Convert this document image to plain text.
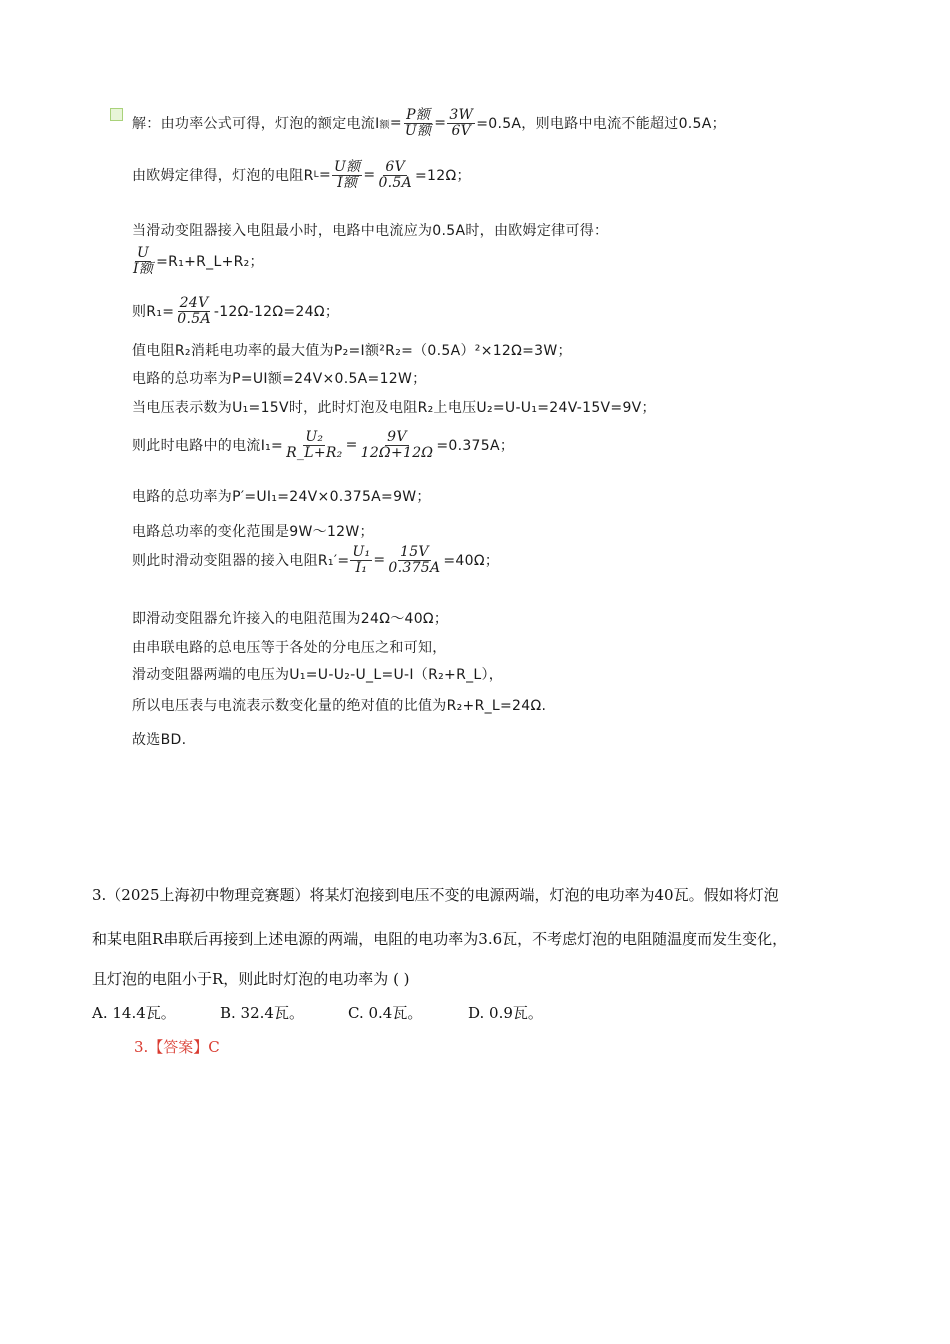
解：由功率公式可得，灯泡的额定电流I 额 = $\frac{\text{P额}}{\text{U额}} = \frac{3W}{6V} =0.5A$，则电路中电流不能超过0.5A；
由欧姆定律得，灯泡的电阻R $L = \frac{\text{U额}}{\text{I额}} = \frac{6V}{0.5A} =12\Omega$；
当滑动变阻器接入电阻最小时，电路中电流应为0.5A时，由欧姆定律可得：
$\frac{U}{\text{I额}}$ =R₁+R_L+R₂；
则$R_1= \frac{24V}{0.5A} -12\Omega-12\Omega=24\Omega$；
值电阻R₂消耗电功率的最大值为P₂=I额²R₂=（0.5A）²×12Ω=3W；
电路的总功率为P=UI额=24V×0.5A=12W；
当电压表示数为U₁=15V时，此时灯泡及电阻R₂上电压U₂=U-U₁=24V-15V=9V；
则此时电路中的电流$I_1= \frac{\text{U₂}}{\text{R\_L+R₂}} = \frac{9V}{12\Omega+12\Omega} =0.375A$；
电路的总功率为P′=UI₁=24V×0.375A=9W；
电路总功率的变化范围是9W～12W；
则此时滑动变阻器的接入电阻$R_1'= \frac{\text{U₁}}{\text{I₁}} = \frac{15V}{0.375A} =40\Omega$；
即滑动变阻器允许接入的电阻范围为24Ω～40Ω；
由串联电路的总电压等于各处的分电压之和可知，
滑动变阻器两端的电压为U₁=U-U₂-U_L=U-I（R₂+R_L），
所以电压表与电流表示数变化量的绝对值的比值为R₂+R_L=24Ω.
故选BD.
3.（2025上海初中物理竞赛题）将某灯泡接到电压不变的电源两端，灯泡的电功率为40瓦。假如将灯泡
和某电阻R串联后再接到上述电源的两端，电阻的电功率为3.6瓦，不考虑灯泡的电阻随温度而发生变化，
且灯泡的电阻小于R，则此时灯泡的电功率为 ( )
A. 14.4瓦。	B. 32.4瓦。	C. 0.4瓦。	D. 0.9瓦。
3.【答案】C
